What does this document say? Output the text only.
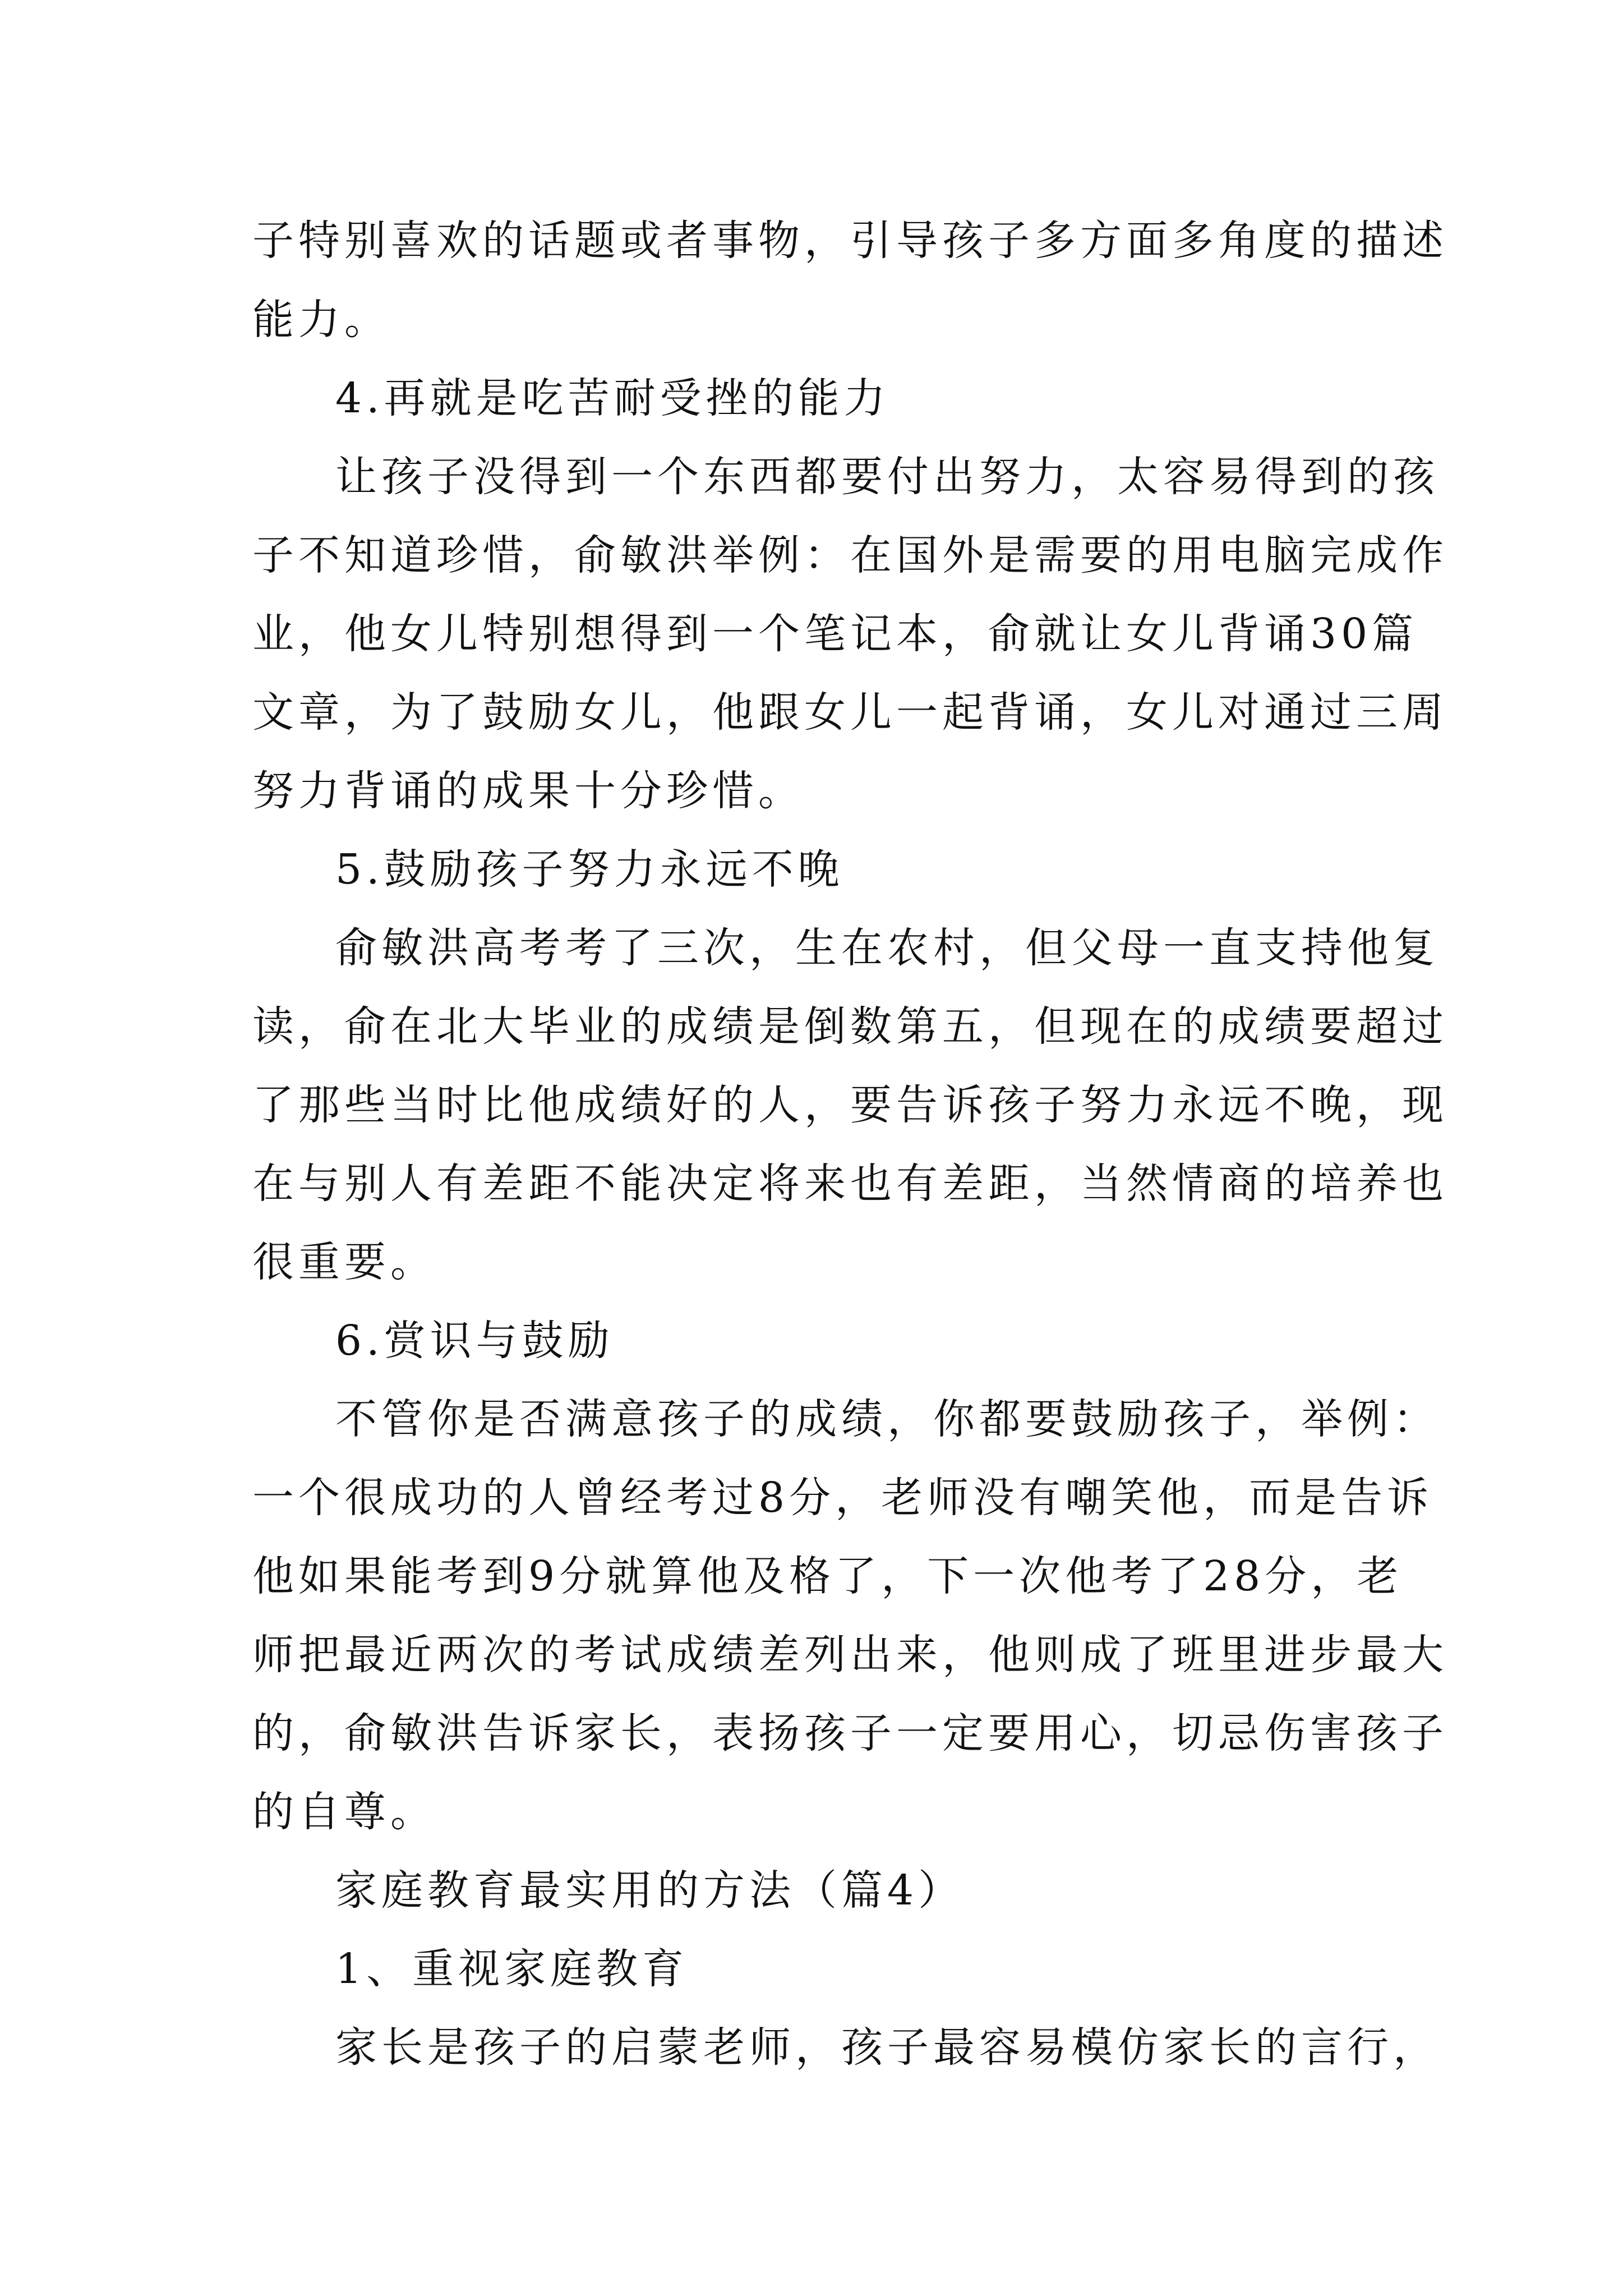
子特别喜欢的话题或者事物，引导孩子多方面多角度的描述
能力。
4.再就是吃苦耐受挫的能力
让孩子没得到一个东西都要付出努力，太容易得到的孩
子不知道珍惜，俞敏洪举例：在国外是需要的用电脑完成作
业，他女儿特别想得到一个笔记本，俞就让女儿背诵30篇
文章，为了鼓励女儿，他跟女儿一起背诵，女儿对通过三周
努力背诵的成果十分珍惜。
5.鼓励孩子努力永远不晚
俞敏洪高考考了三次，生在农村，但父母一直支持他复
读，俞在北大毕业的成绩是倒数第五，但现在的成绩要超过
了那些当时比他成绩好的人，要告诉孩子努力永远不晚，现
在与别人有差距不能决定将来也有差距，当然情商的培养也
很重要。
6.赏识与鼓励
不管你是否满意孩子的成绩，你都要鼓励孩子，举例：
一个很成功的人曾经考过8分，老师没有嘲笑他，而是告诉
他如果能考到9分就算他及格了，下一次他考了28分，老
师把最近两次的考试成绩差列出来，他则成了班里进步最大
的，俞敏洪告诉家长，表扬孩子一定要用心，切忌伤害孩子
的自尊。
家庭教育最实用的方法（篇4）
1、重视家庭教育
家长是孩子的启蒙老师，孩子最容易模仿家长的言行，
